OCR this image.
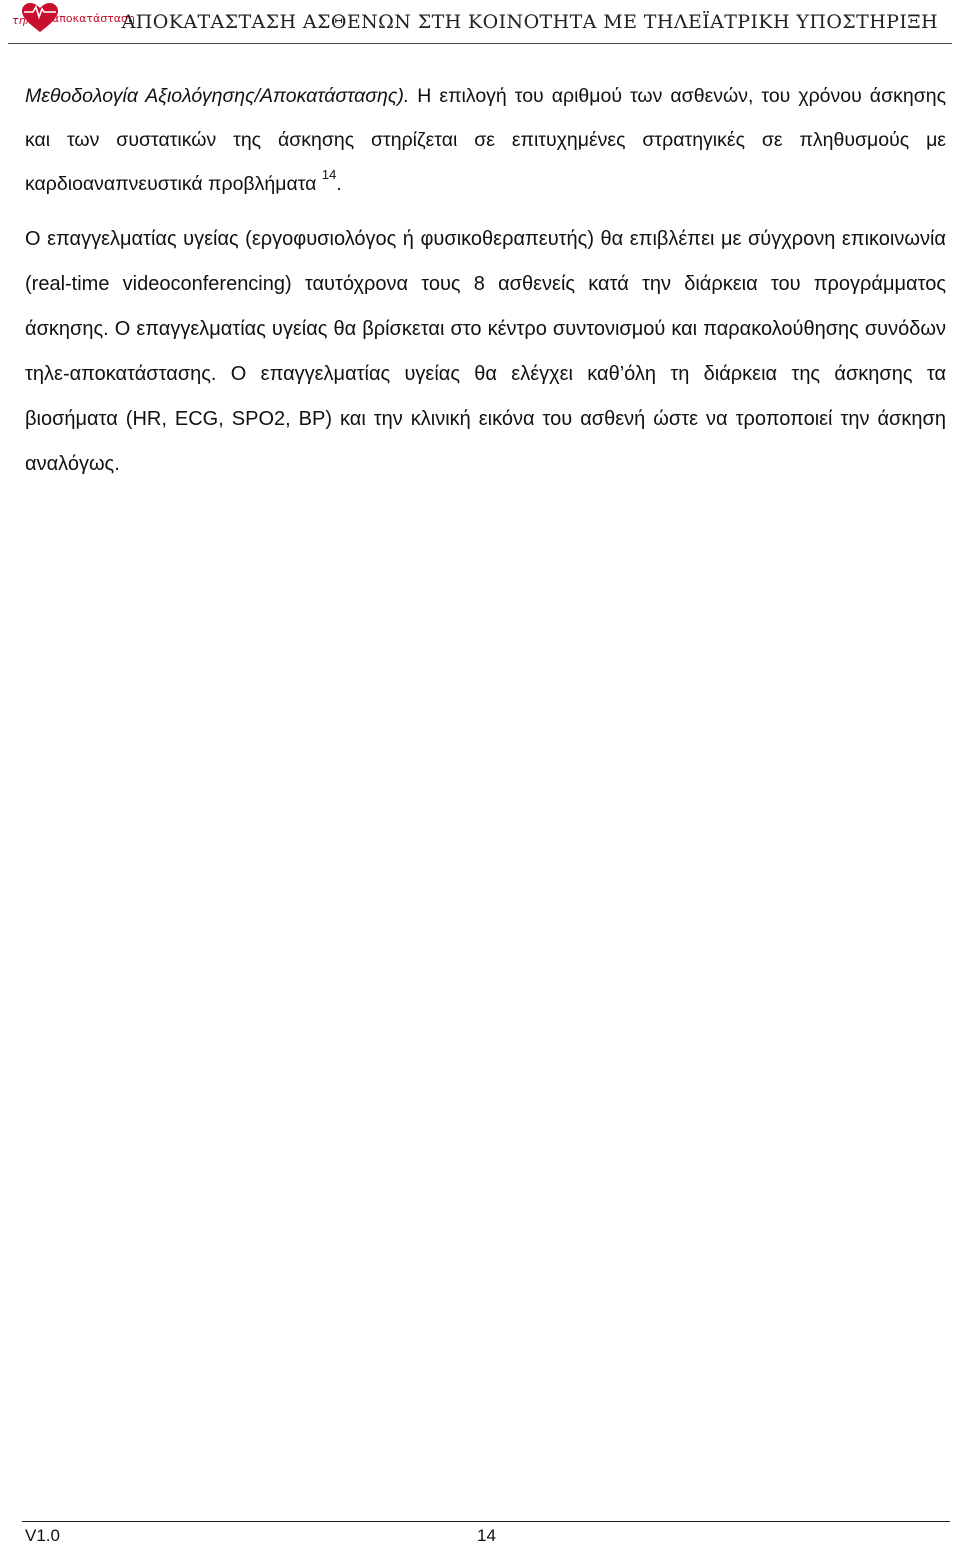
τηλε αποκατάσταση
ΑΠΟΚΑΤΑΣΤΑΣΗ ΑΣΘΕΝΩΝ ΣΤΗ ΚΟΙΝΟΤΗΤΑ ΜΕ ΤΗΛΕΪΑΤΡΙΚΗ ΥΠΟΣΤΗΡΙΞΗ

Μεθοδολογία Αξιολόγησης/Αποκατάστασης). Η επιλογή του αριθμού των ασθενών, του χρόνου άσκησης και των συστατικών της άσκησης στηρίζεται σε επιτυχημένες στρατηγικές σε πληθυσμούς με καρδιοαναπνευστικά προβλήματα $^{14}$.

Ο επαγγελματίας υγείας (εργοφυσιολόγος ή φυσικοθεραπευτής) θα επιβλέπει με σύγχρονη επικοινωνία (real-time videoconferencing) ταυτόχρονα τους 8 ασθενείς κατά την διάρκεια του προγράμματος άσκησης. Ο επαγγελματίας υγείας θα βρίσκεται στο κέντρο συντονισμού και παρακολούθησης συνόδων τηλε-αποκατάστασης. Ο επαγγελματίας υγείας θα ελέγχει καθ’όλη τη διάρκεια της άσκησης τα βιοσήματα (HR, ECG, SPO2, BP) και την κλινική εικόνα του ασθενή ώστε να τροποποιεί την άσκηση αναλόγως.

V1.0	14
